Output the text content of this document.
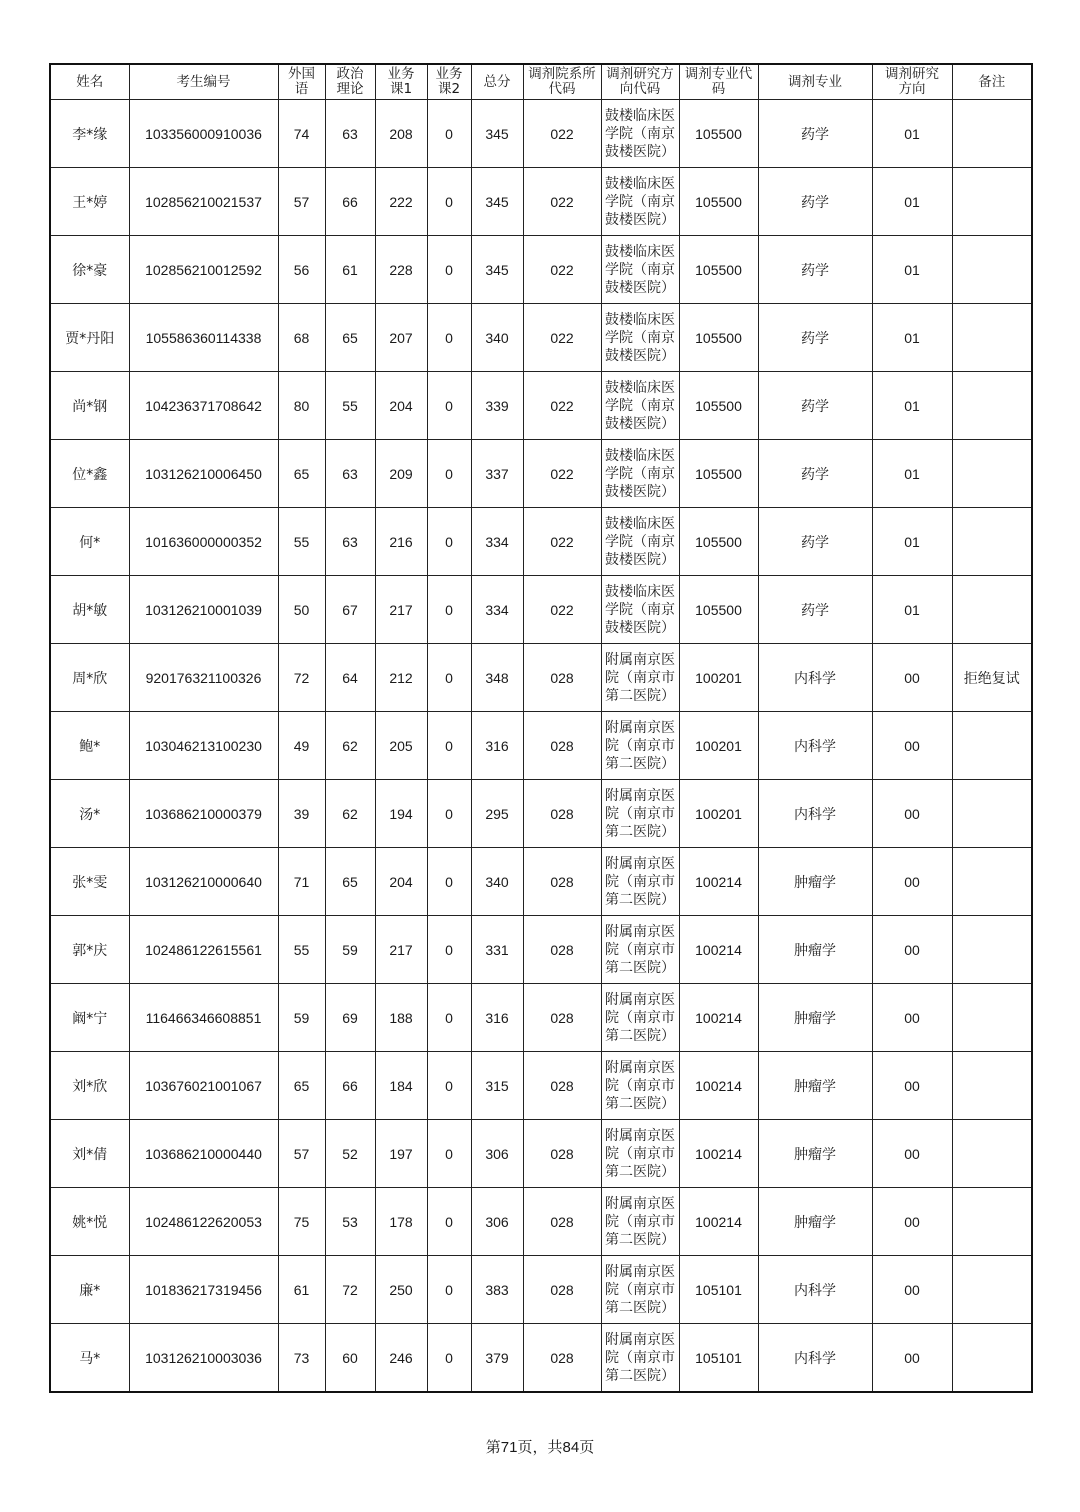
姓名	考生编号	外国语	政治理论	业务课1	业务课2	总分	调剂院系所代码	调剂研究方向代码	调剂专业代码	调剂专业	调剂研究方向	备注
李*缘	103356000910036	74	63	208	0	345	022	鼓楼临床医学院（南京鼓楼医院）	105500	药学	01	
王*婷	102856210021537	57	66	222	0	345	022	鼓楼临床医学院（南京鼓楼医院）	105500	药学	01	
徐*豪	102856210012592	56	61	228	0	345	022	鼓楼临床医学院（南京鼓楼医院）	105500	药学	01	
贾*丹阳	105586360114338	68	65	207	0	340	022	鼓楼临床医学院（南京鼓楼医院）	105500	药学	01	
尚*钢	104236371708642	80	55	204	0	339	022	鼓楼临床医学院（南京鼓楼医院）	105500	药学	01	
位*鑫	103126210006450	65	63	209	0	337	022	鼓楼临床医学院（南京鼓楼医院）	105500	药学	01	
何*	101636000000352	55	63	216	0	334	022	鼓楼临床医学院（南京鼓楼医院）	105500	药学	01	
胡*敏	103126210001039	50	67	217	0	334	022	鼓楼临床医学院（南京鼓楼医院）	105500	药学	01	
周*欣	920176321100326	72	64	212	0	348	028	附属南京医院（南京市第二医院）	100201	内科学	00	拒绝复试
鲍*	103046213100230	49	62	205	0	316	028	附属南京医院（南京市第二医院）	100201	内科学	00	
汤*	103686210000379	39	62	194	0	295	028	附属南京医院（南京市第二医院）	100201	内科学	00	
张*雯	103126210000640	71	65	204	0	340	028	附属南京医院（南京市第二医院）	100214	肿瘤学	00	
郭*庆	102486122615561	55	59	217	0	331	028	附属南京医院（南京市第二医院）	100214	肿瘤学	00	
阚*宁	116466346608851	59	69	188	0	316	028	附属南京医院（南京市第二医院）	100214	肿瘤学	00	
刘*欣	103676021001067	65	66	184	0	315	028	附属南京医院（南京市第二医院）	100214	肿瘤学	00	
刘*倩	103686210000440	57	52	197	0	306	028	附属南京医院（南京市第二医院）	100214	肿瘤学	00	
姚*悦	102486122620053	75	53	178	0	306	028	附属南京医院（南京市第二医院）	100214	肿瘤学	00	
廉*	101836217319456	61	72	250	0	383	028	附属南京医院（南京市第二医院）	105101	内科学	00	
马*	103126210003036	73	60	246	0	379	028	附属南京医院（南京市第二医院）	105101	内科学	00	
第71页，共84页
